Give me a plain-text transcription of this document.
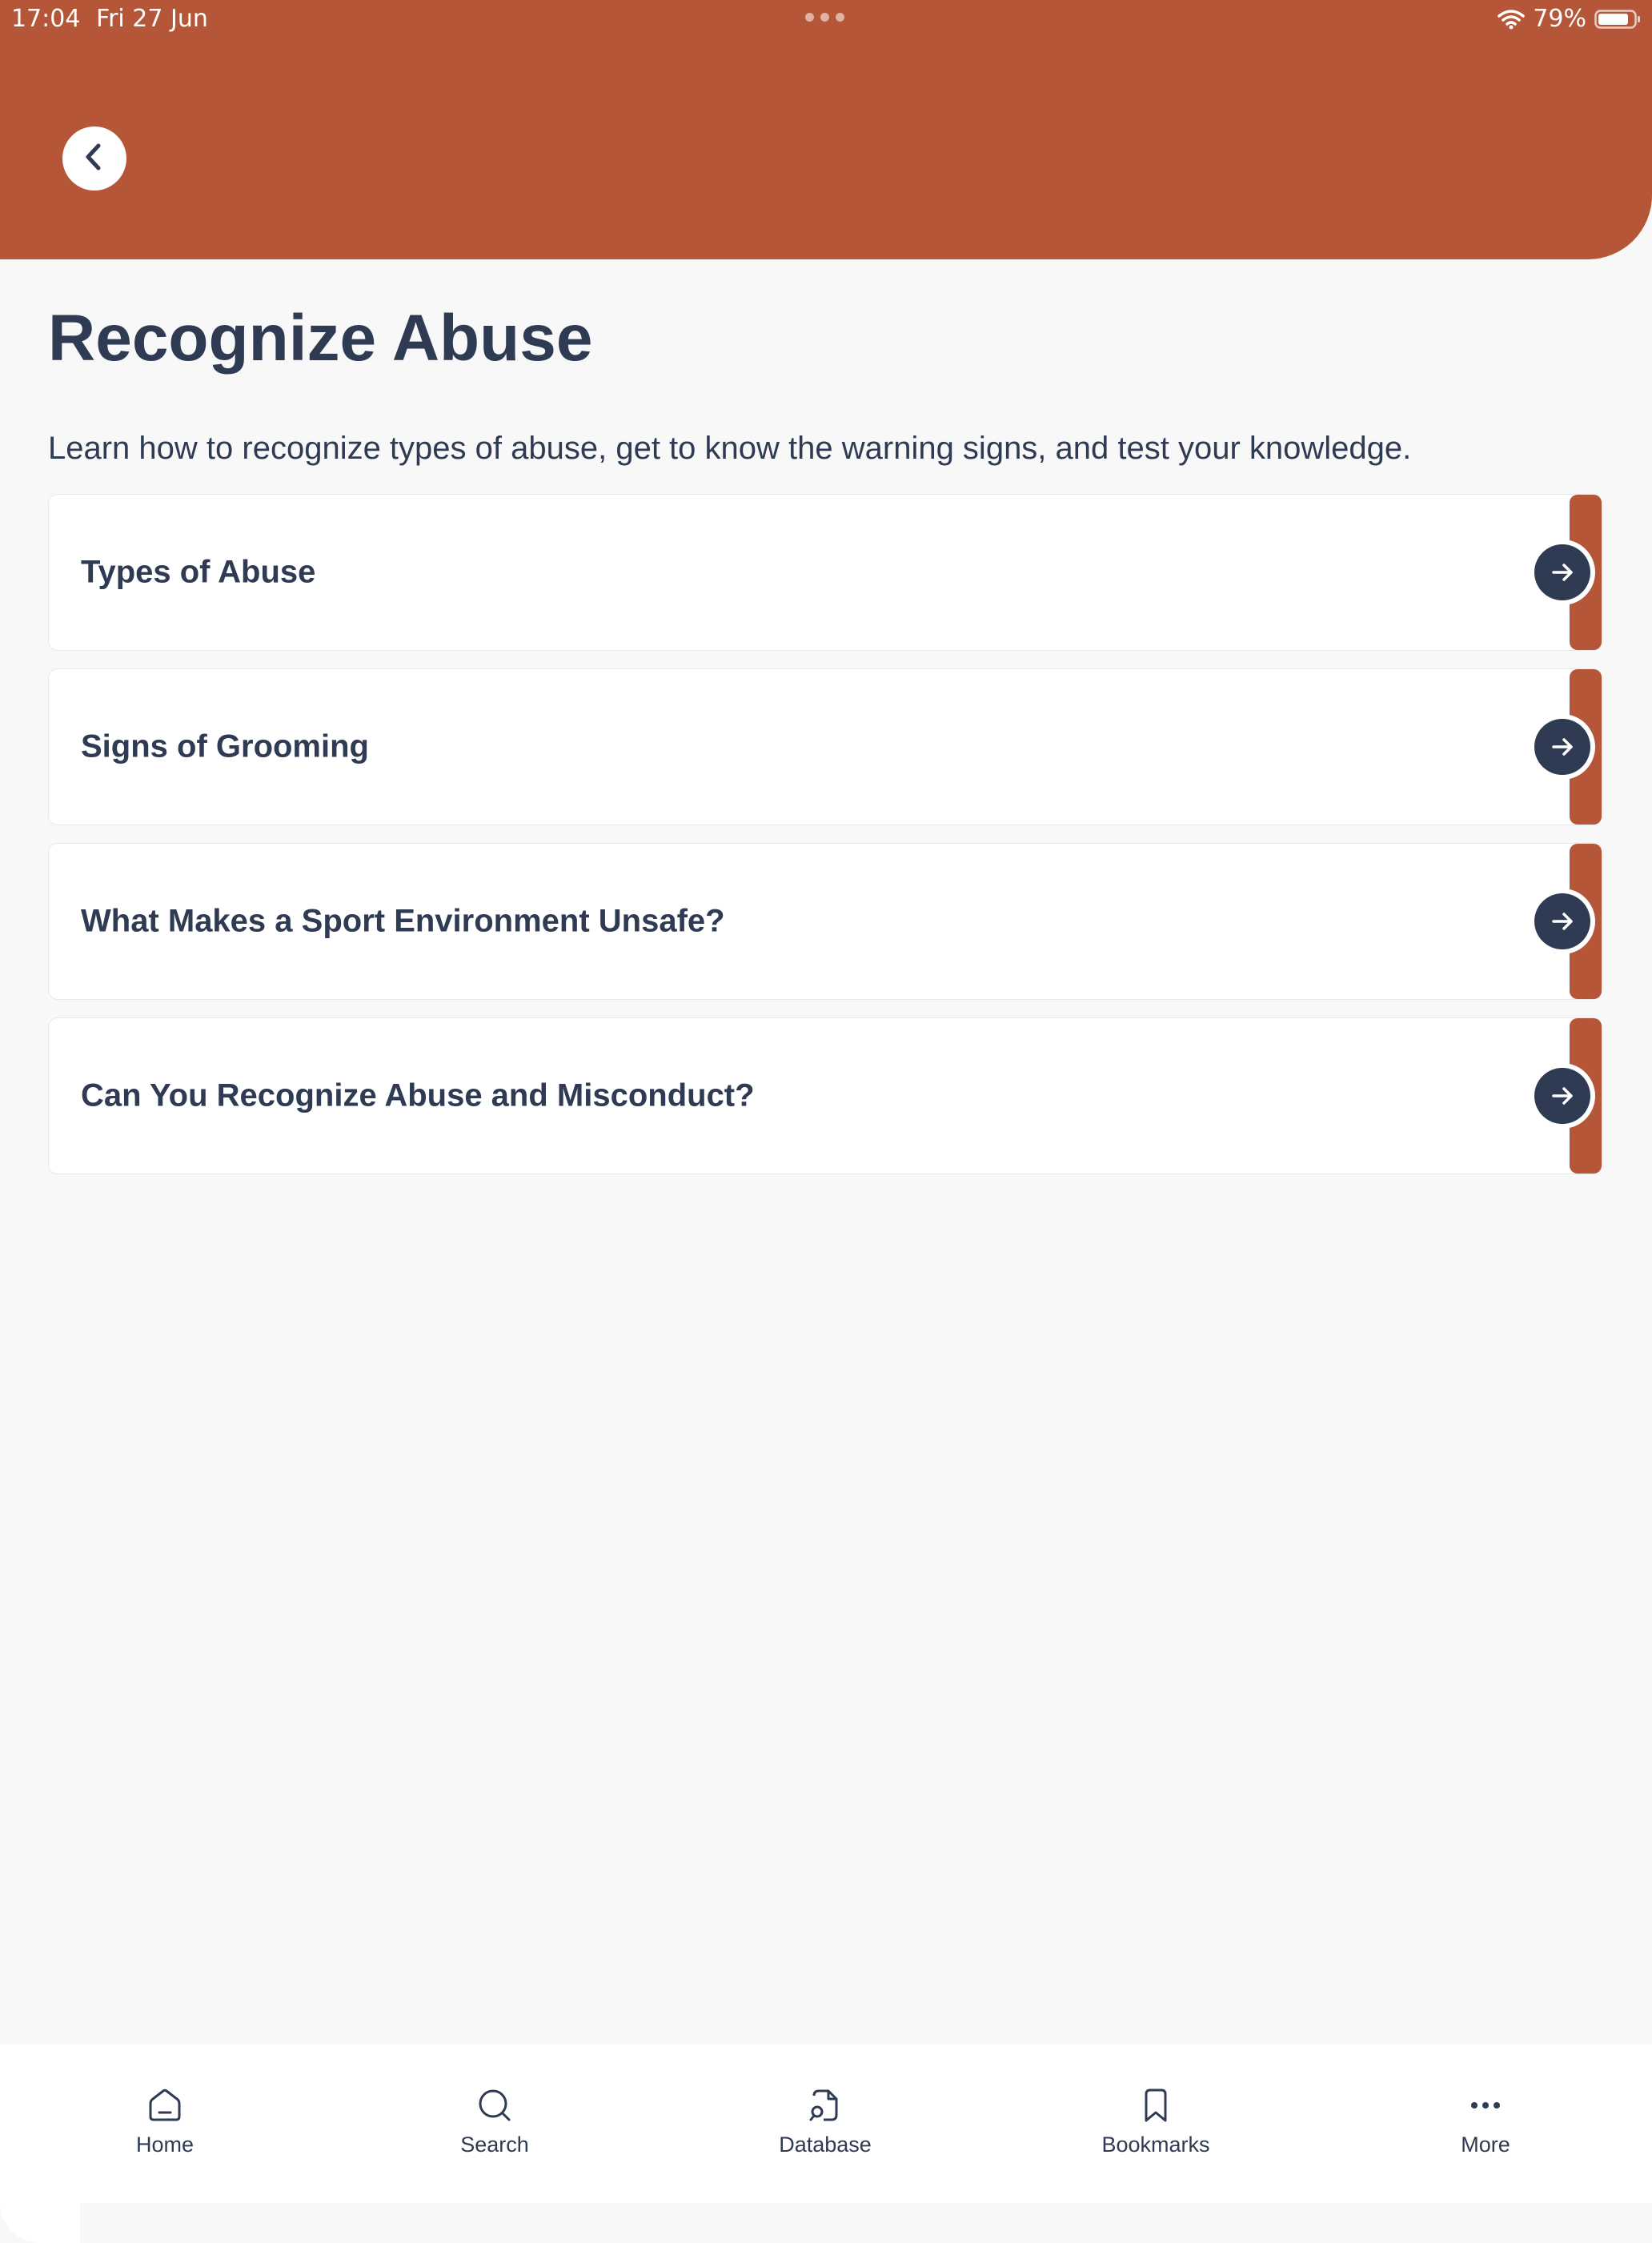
17:04 Fri 27 Jun	79%
Recognize Abuse

Learn how to recognize types of abuse, get to know the warning signs, and test your knowledge.

Types of Abuse
Signs of Grooming
What Makes a Sport Environment Unsafe?
Can You Recognize Abuse and Misconduct?
Home	Search	Database	Bookmarks	More
